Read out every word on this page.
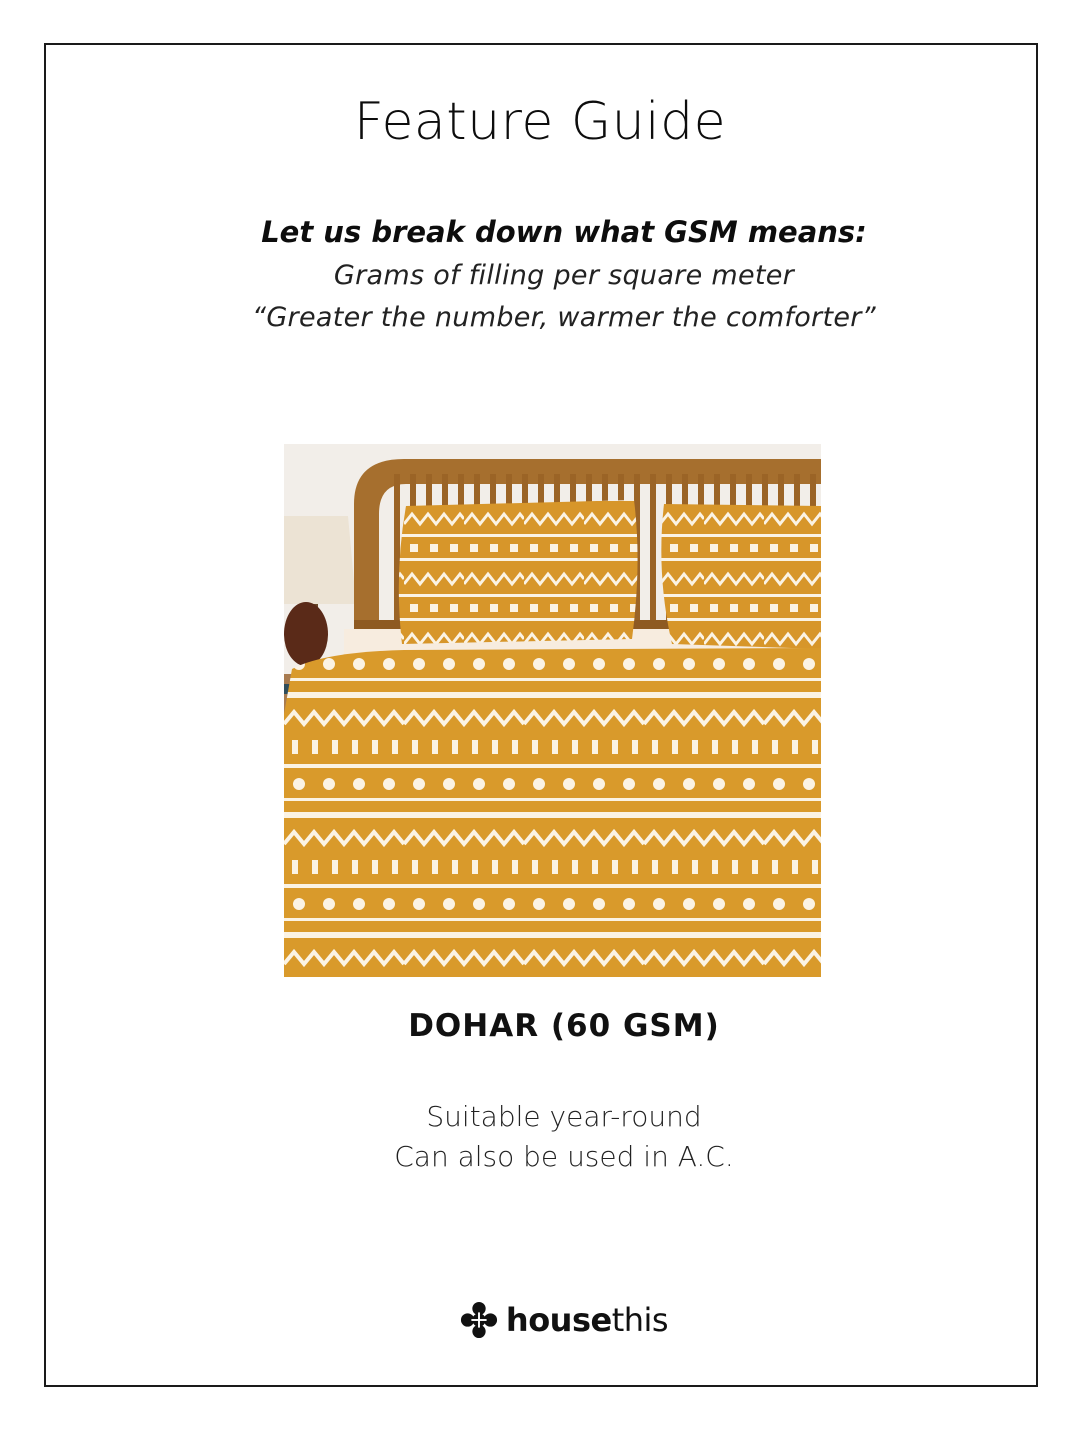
Feature Guide
Let us break down what GSM means:
Grams of filling per square meter
“Greater the number, warmer the comforter”
DOHAR (60 GSM)
Suitable year-round
Can also be used in A.C.
housethis
